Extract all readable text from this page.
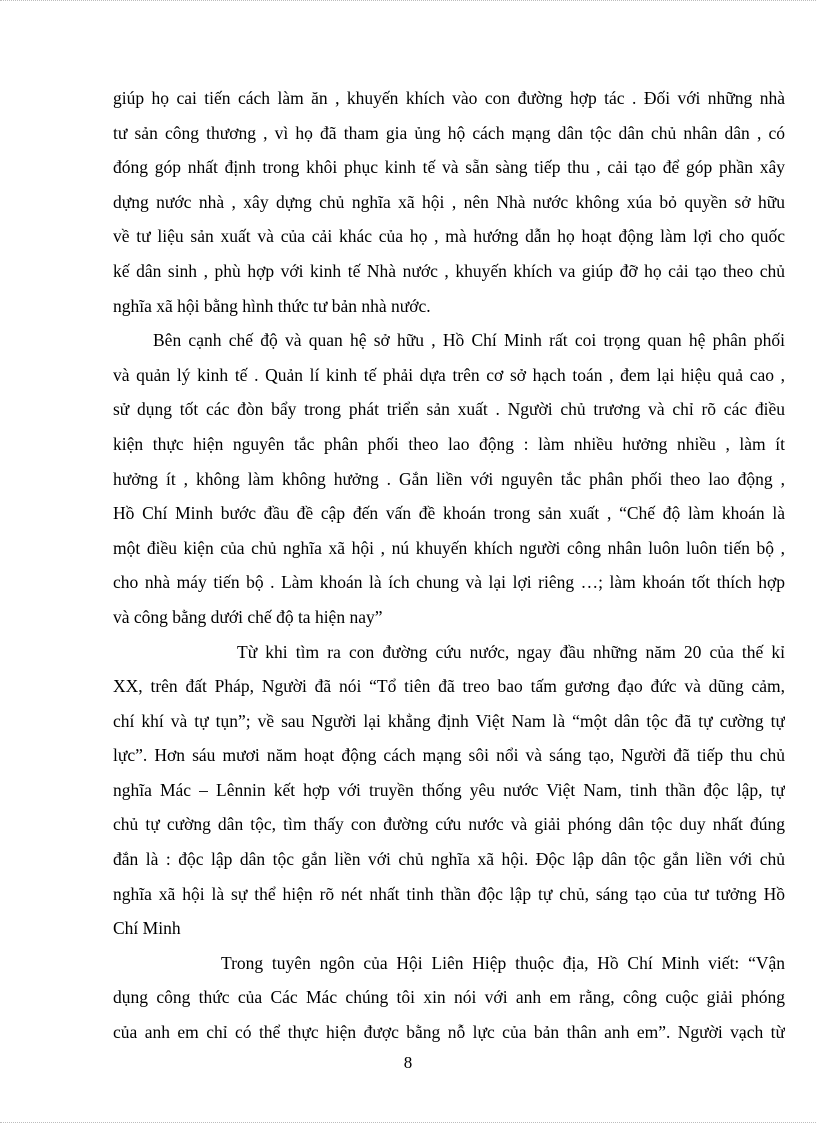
giúp họ cai tiến cách làm ăn , khuyến khích vào con đường hợp tác . Đối với những nhà
tư sản công thương , vì họ đã tham gia ủng hộ cách mạng dân tộc dân chủ nhân dân , có
đóng góp nhất định trong khôi phục kinh tế và sẵn sàng tiếp thu , cải tạo để góp phần xây
dựng nước nhà , xây dựng chủ nghĩa xã hội , nên Nhà nước không xúa bỏ quyền sở hữu
về tư liệu sản xuất và của cải khác của họ , mà hướng dẫn họ hoạt động làm lợi cho quốc
kế dân sinh , phù hợp với kinh tế Nhà nước , khuyến khích va giúp đỡ họ cải tạo theo chủ
nghĩa xã hội bằng hình thức tư bản nhà nước.
Bên cạnh chế độ và quan hệ sở hữu , Hồ Chí Minh rất coi trọng quan hệ phân phối
và quản lý kinh tế . Quản lí kinh tế phải dựa trên cơ sở hạch toán , đem lại hiệu quả cao ,
sử dụng tốt các đòn bẩy trong phát triển sản xuất . Người chủ trương và chỉ rõ các điều
kiện thực hiện nguyên tắc phân phối theo lao động : làm nhiều hưởng nhiều , làm ít
hưởng ít , không làm không hưởng . Gắn liền với nguyên tắc phân phối theo lao động ,
Hồ Chí Minh bước đầu đề cập đến vấn đề khoán trong sản xuất , “Chế độ làm khoán là
một điều kiện của chủ nghĩa xã hội , nú khuyến khích người công nhân luôn luôn tiến bộ ,
cho nhà máy tiến bộ . Làm khoán là ích chung và lại lợi riêng …; làm khoán tốt thích hợp
và công bằng dưới chế độ ta hiện nay”
Từ khi tìm ra con đường cứu nước, ngay đầu những năm 20 của thế kỉ
XX, trên đất Pháp, Người đã nói “Tổ tiên đã treo bao tấm gương đạo đức và dũng cảm,
chí khí và tự tụn”; về sau Người lại khẳng định Việt Nam là “một dân tộc đã tự cường tự
lực”. Hơn sáu mươi năm hoạt động cách mạng sôi nổi và sáng tạo, Người đã tiếp thu chủ
nghĩa Mác – Lênnin kết hợp với truyền thống yêu nước Việt Nam, tinh thần độc lập, tự
chủ tự cường dân tộc, tìm thấy con đường cứu nước và giải phóng dân tộc duy nhất đúng
đắn là : độc lập dân tộc gắn liền với chủ nghĩa xã hội. Độc lập dân tộc gắn liền với chủ
nghĩa xã hội là sự thể hiện rõ nét nhất tinh thần độc lập tự chủ, sáng tạo của tư tưởng Hồ
Chí Minh
Trong tuyên ngôn của Hội Liên Hiệp thuộc địa, Hồ Chí Minh viết: “Vận
dụng công thức của Các Mác chúng tôi xin nói với anh em rằng, công cuộc giải phóng
của anh em chỉ có thể thực hiện được bằng nỗ lực của bản thân anh em”. Người vạch từ
8
